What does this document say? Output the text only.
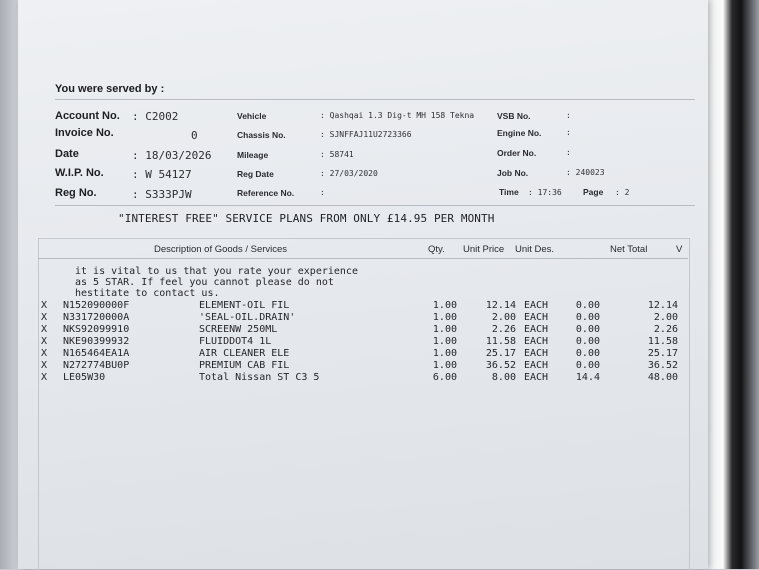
You were served by :
Account No. : C2002
Invoice No.	0
Date	: 18/03/2026
W.I.P. No.	: W 54127
Reg No.	: S333PJW
Vehicle	: Qashqai 1.3 Dig-t MH 158 Tekna
Chassis No.	: SJNFFAJ11U2723366
Mileage	: 58741
Reg Date	: 27/03/2020
Reference No.	:
VSB No.	:
Engine No.	:
Order No.	:
Job No.	: 240023
Time : 17:36	Page : 2
"INTEREST FREE" SERVICE PLANS FROM ONLY £14.95 PER MONTH
Description of Goods / Services	Qty. Unit Price Unit Des.	Net Total	V
it is vital to us that you rate your experience
as 5 STAR. If feel you cannot please do not
hestitate to contact us.
X	N152090000F	ELEMENT-OIL FIL	1.00	12.14 EACH	0.00	12.14
X	N331720000A	'SEAL-OIL.DRAIN'	1.00	2.00 EACH	0.00	2.00
X	NKS92099910	SCREENW 250ML	1.00	2.26 EACH	0.00	2.26
X	NKE90399932	FLUIDDOT4 1L	1.00	11.58 EACH	0.00	11.58
X	N165464EA1A	AIR CLEANER ELE	1.00	25.17 EACH	0.00	25.17
X	N272774BU0P	PREMIUM CAB FIL	1.00	36.52 EACH	0.00	36.52
X	LE05W30	Total Nissan ST C3 5	6.00	8.00 EACH	14.4	48.00
